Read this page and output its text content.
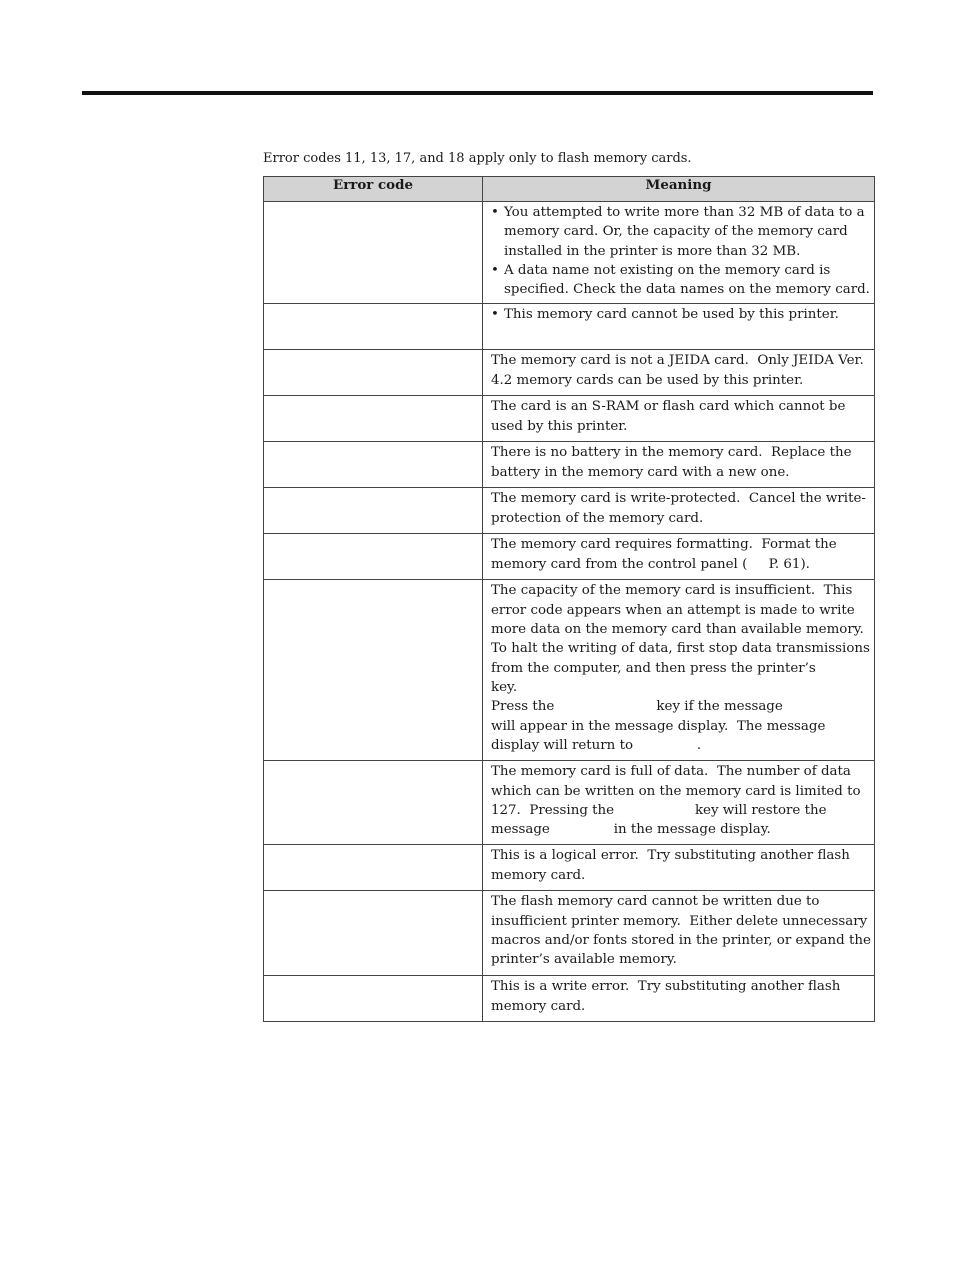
Error codes 11, 13, 17, and 18 apply only to flash memory cards.
Error code	Meaning

	• You attempted to write more than 32 MB of data to a memory card. Or, the capacity of the memory card installed in the printer is more than 32 MB.
• A data name not existing on the memory card is specified. Check the data names on the memory card.

	• This memory card cannot be used by this printer.

	The memory card is not a JEIDA card.  Only JEIDA Ver. 4.2 memory cards can be used by this printer.

	The card is an S-RAM or flash card which cannot be used by this printer.

	There is no battery in the memory card.  Replace the battery in the memory card with a new one.

	The memory card is write-protected.  Cancel the write-protection of the memory card.

	The memory card requires formatting.  Format the memory card from the control panel (     P. 61).

	The capacity of the memory card is insufficient.  This error code appears when an attempt is made to write more data on the memory card than available memory.  To halt the writing of data, first stop data transmissions from the computer, and then press the printer’s                key.
Press the                        key if the message                    will appear in the message display.  The message display will return to               .

	The memory card is full of data.  The number of data which can be written on the memory card is limited to 127.  Pressing the                   key will restore the message               in the message display.

	This is a logical error.  Try substituting another flash memory card.

	The flash memory card cannot be written due to insufficient printer memory.  Either delete unnecessary macros and/or fonts stored in the printer, or expand the printer’s available memory.

	This is a write error.  Try substituting another flash memory card.
